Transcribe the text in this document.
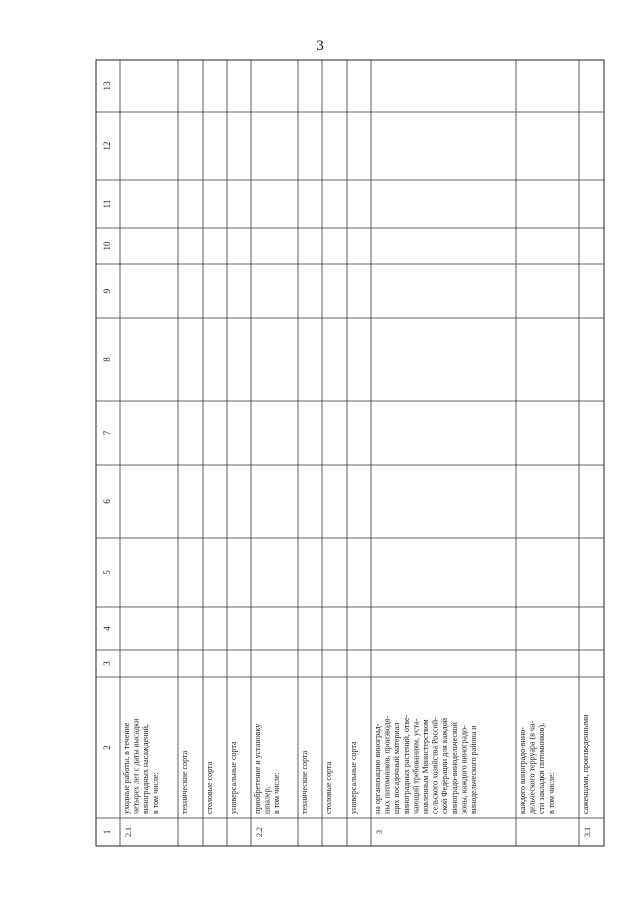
3
1
2
3
4
5
6
7
8
9
10
11
12
13
2.1
уходные работы, в течение четырех лет с даты высадки виноградных насаждений, в том числе:	технические сорта столовые сорта универсальные сорта
2.2
приобретение и установку шпалер, в том числе: технические сорта столовые сорта универсальные сорта
3
на организацию виноград- ных питомников, производя- щих посадочный материал виноградных растений, отве- чающий требованиям, уста- новленным Министерством сельского хозяйства Россий- ской Федерации для каждой виноградо-винодельческой зоны, каждого виноградо- винодельческого района и	каждого виноградо-вино- дельческого терруара (в ча- сти закладки питомников), в том числе:
3.1
саженцами, произведенными
